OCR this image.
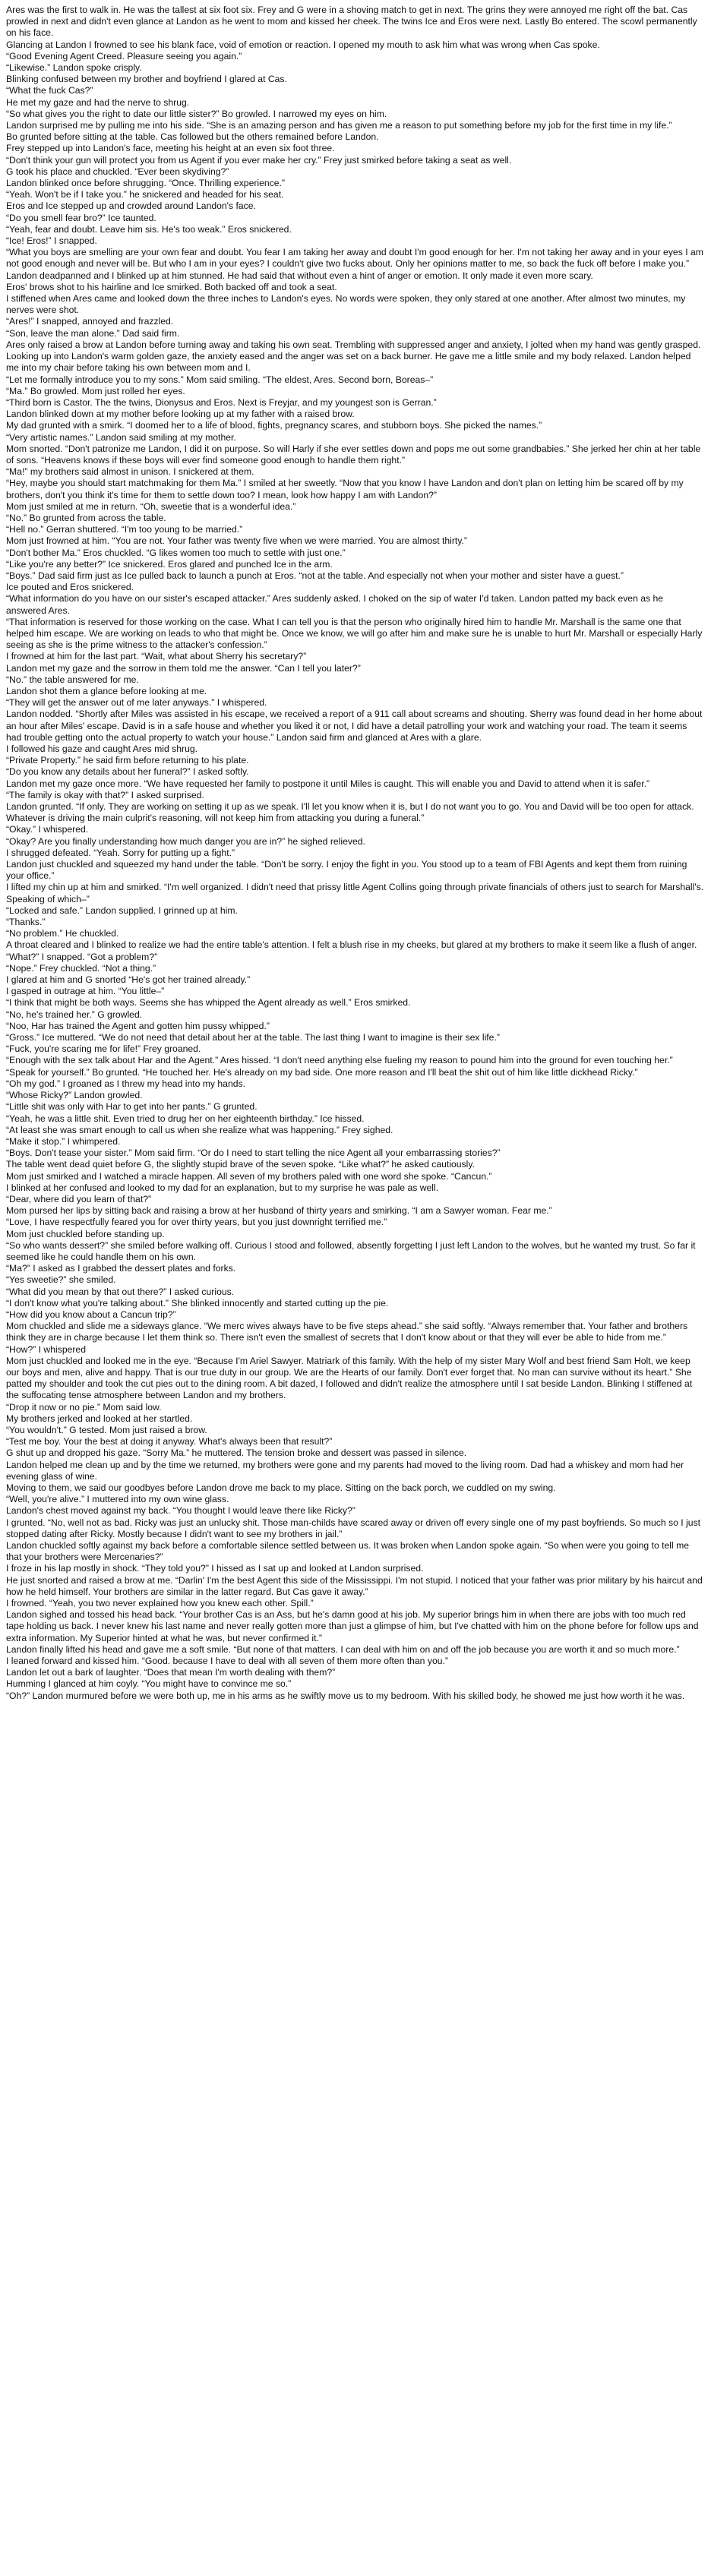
Ares was the first to walk in. He was the tallest at six foot six. Frey and G were in a shoving match to get in next. The grins they were annoyed me right off the bat. Cas prowled in next and didn't even glance at Landon as he went to mom and kissed her cheek. The twins Ice and Eros were next. Lastly Bo entered. The scowl permanently on his face.

Glancing at Landon I frowned to see his blank face, void of emotion or reaction. I opened my mouth to ask him what was wrong when Cas spoke.

“Good Evening Agent Creed. Pleasure seeing you again.”

“Likewise.” Landon spoke crisply.

Blinking confused between my brother and boyfriend I glared at Cas.

“What the fuck Cas?”

He met my gaze and had the nerve to shrug.

“So what gives you the right to date our little sister?” Bo growled. I narrowed my eyes on him.

Landon surprised me by pulling me into his side. “She is an amazing person and has given me a reason to put something before my job for the first time in my life.”

Bo grunted before sitting at the table. Cas followed but the others remained before Landon.

Frey stepped up into Landon's face, meeting his height at an even six foot three.

“Don't think your gun will protect you from us Agent if you ever make her cry.” Frey just smirked before taking a seat as well.

G took his place and chuckled. “Ever been skydiving?”

Landon blinked once before shrugging. “Once. Thrilling experience.”

“Yeah. Won't be if I take you.” he snickered and headed for his seat.

Eros and Ice stepped up and crowded around Landon's face.

“Do you smell fear bro?” Ice taunted.

“Yeah, fear and doubt. Leave him sis. He's too weak.” Eros snickered.

“Ice! Eros!” I snapped.

“What you boys are smelling are your own fear and doubt. You fear I am taking her away and doubt I'm good enough for her. I'm not taking her away and in your eyes I am not good enough and never will be. But who I am in your eyes? I couldn't give two fucks about. Only her opinions matter to me, so back the fuck off before I make you.” Landon deadpanned and I blinked up at him stunned. He had said that without even a hint of anger or emotion. It only made it even more scary.

Eros' brows shot to his hairline and Ice smirked. Both backed off and took a seat.

I stiffened when Ares came and looked down the three inches to Landon's eyes. No words were spoken, they only stared at one another. After almost two minutes, my nerves were shot.

“Ares!” I snapped, annoyed and frazzled.

“Son, leave the man alone.” Dad said firm.

Ares only raised a brow at Landon before turning away and taking his own seat. Trembling with suppressed anger and anxiety, I jolted when my hand was gently grasped. Looking up into Landon's warm golden gaze, the anxiety eased and the anger was set on a back burner. He gave me a little smile and my body relaxed. Landon helped me into my chair before taking his own between mom and I.

“Let me formally introduce you to my sons.” Mom said smiling. “The eldest, Ares. Second born, Boreas–”

“Ma.” Bo growled. Mom just rolled her eyes.

“Third born is Castor. The the twins, Dionysus and Eros. Next is Freyjar, and my youngest son is Gerran.”

Landon blinked down at my mother before looking up at my father with a raised brow.

My dad grunted with a smirk. “I doomed her to a life of blood, fights, pregnancy scares, and stubborn boys. She picked the names.”

“Very artistic names.” Landon said smiling at my mother.

Mom snorted. “Don't patronize me Landon, I did it on purpose. So will Harly if she ever settles down and pops me out some grandbabies.” She jerked her chin at her table of sons. “Heavens knows if these boys will ever find someone good enough to handle them right.”

“Ma!” my brothers said almost in unison. I snickered at them.

“Hey, maybe you should start matchmaking for them Ma.” I smiled at her sweetly. “Now that you know I have Landon and don't plan on letting him be scared off by my brothers, don't you think it's time for them to settle down too? I mean, look how happy I am with Landon?”

Mom just smiled at me in return. “Oh, sweetie that is a wonderful idea.”

“No.” Bo grunted from across the table.

“Hell no.” Gerran shuttered. “I'm too young to be married.”

Mom just frowned at him. “You are not. Your father was twenty five when we were married. You are almost thirty.”

“Don't bother Ma.” Eros chuckled. “G likes women too much to settle with just one.”

“Like you're any better?” Ice snickered. Eros glared and punched Ice in the arm.

“Boys.” Dad said firm just as Ice pulled back to launch a punch at Eros. “not at the table. And especially not when your mother and sister have a guest.”

Ice pouted and Eros snickered.

“What information do you have on our sister's escaped attacker.” Ares suddenly asked. I choked on the sip of water I'd taken. Landon patted my back even as he answered Ares.

“That information is reserved for those working on the case. What I can tell you is that the person who originally hired him to handle Mr. Marshall is the same one that helped him escape. We are working on leads to who that might be. Once we know, we will go after him and make sure he is unable to hurt Mr. Marshall or especially Harly seeing as she is the prime witness to the attacker's confession.”

I frowned at him for the last part. “Wait, what about Sherry his secretary?”

Landon met my gaze and the sorrow in them told me the answer. “Can I tell you later?”

“No.” the table answered for me.

Landon shot them a glance before looking at me.

“They will get the answer out of me later anyways.” I whispered.

Landon nodded. “Shortly after Miles was assisted in his escape, we received a report of a 911 call about screams and shouting. Sherry was found dead in her home about an hour after Miles' escape. David is in a safe house and whether you liked it or not, I did have a detail patrolling your work and watching your road. The team it seems had trouble getting onto the actual property to watch your house.” Landon said firm and glanced at Ares with a glare.

I followed his gaze and caught Ares mid shrug.

“Private Property.” he said firm before returning to his plate.

“Do you know any details about her funeral?” I asked softly.

Landon met my gaze once more. “We have requested her family to postpone it until Miles is caught. This will enable you and David to attend when it is safer.”

“The family is okay with that?” I asked surprised.

Landon grunted. “If only. They are working on setting it up as we speak. I'll let you know when it is, but I do not want you to go. You and David will be too open for attack. Whatever is driving the main culprit's reasoning, will not keep him from attacking you during a funeral.”

“Okay.” I whispered.

“Okay? Are you finally understanding how much danger you are in?” he sighed relieved.

I shrugged defeated. “Yeah. Sorry for putting up a fight.”

Landon just chuckled and squeezed my hand under the table. “Don't be sorry. I enjoy the fight in you. You stood up to a team of FBI Agents and kept them from ruining your office.”

I lifted my chin up at him and smirked. “I'm well organized. I didn't need that prissy little Agent Collins going through private financials of others just to search for Marshall's. Speaking of which–”

“Locked and safe.” Landon supplied. I grinned up at him.

“Thanks.”

“No problem.” He chuckled.

A throat cleared and I blinked to realize we had the entire table's attention. I felt a blush rise in my cheeks, but glared at my brothers to make it seem like a flush of anger.

“What?” I snapped. “Got a problem?”

“Nope.” Frey chuckled. “Not a thing.”

I glared at him and G snorted “He's got her trained already.”

I gasped in outrage at him. “You little–”

“I think that might be both ways. Seems she has whipped the Agent already as well.” Eros smirked.

“No, he's trained her.” G growled.

“Noo, Har has trained the Agent and gotten him pussy whipped.”

“Gross.” Ice muttered. “We do not need that detail about her at the table. The last thing I want to imagine is their sex life.”

“Fuck, you're scaring me for life!” Frey groaned.

“Enough with the sex talk about Har and the Agent.” Ares hissed. “I don't need anything else fueling my reason to pound him into the ground for even touching her.”

“Speak for yourself.” Bo grunted. “He touched her. He's already on my bad side. One more reason and I'll beat the shit out of him like little dickhead Ricky.”

“Oh my god.” I groaned as I threw my head into my hands.

“Whose Ricky?” Landon growled.

“Little shit was only with Har to get into her pants.” G grunted.

“Yeah, he was a little shit. Even tried to drug her on her eighteenth birthday.” Ice hissed.

“At least she was smart enough to call us when she realize what was happening.” Frey sighed.

“Make it stop.” I whimpered.

“Boys. Don't tease your sister.” Mom said firm. “Or do I need to start telling the nice Agent all your embarrassing stories?”

The table went dead quiet before G, the slightly stupid brave of the seven spoke. “Like what?” he asked cautiously.

Mom just smirked and I watched a miracle happen. All seven of my brothers paled with one word she spoke. “Cancun.”

I blinked at her confused and looked to my dad for an explanation, but to my surprise he was pale as well.

“Dear, where did you learn of that?”

Mom pursed her lips by sitting back and raising a brow at her husband of thirty years and smirking. “I am a Sawyer woman. Fear me.”

“Love, I have respectfully feared you for over thirty years, but you just downright terrified me.”

Mom just chuckled before standing up.

“So who wants dessert?” she smiled before walking off. Curious I stood and followed, absently forgetting I just left Landon to the wolves, but he wanted my trust. So far it seemed like he could handle them on his own.

“Ma?” I asked as I grabbed the dessert plates and forks.

“Yes sweetie?” she smiled.

“What did you mean by that out there?” I asked curious.

“I don't know what you're talking about.” She blinked innocently and started cutting up the pie.

“How did you know about a Cancun trip?”

Mom chuckled and slide me a sideways glance. “We merc wives always have to be five steps ahead.” she said softly. “Always remember that. Your father and brothers think they are in charge because I let them think so. There isn't even the smallest of secrets that I don't know about or that they will ever be able to hide from me.”

“How?” I whispered

Mom just chuckled and looked me in the eye. “Because I'm Ariel Sawyer. Matriark of this family. With the help of my sister Mary Wolf and best friend Sam Holt, we keep our boys and men, alive and happy. That is our true duty in our group. We are the Hearts of our family. Don't ever forget that. No man can survive without its heart.” She patted my shoulder and took the cut pies out to the dining room. A bit dazed, I followed and didn't realize the atmosphere until I sat beside Landon. Blinking I stiffened at the suffocating tense atmosphere between Landon and my brothers.

“Drop it now or no pie.” Mom said low.

My brothers jerked and looked at her startled.

“You wouldn't.” G tested. Mom just raised a brow.

“Test me boy. Your the best at doing it anyway. What's always been that result?”

G shut up and dropped his gaze. “Sorry Ma.” he muttered. The tension broke and dessert was passed in silence.

Landon helped me clean up and by the time we returned, my brothers were gone and my parents had moved to the living room. Dad had a whiskey and mom had her evening glass of wine.

Moving to them, we said our goodbyes before Landon drove me back to my place. Sitting on the back porch, we cuddled on my swing.

“Well, you're alive.” I muttered into my own wine glass.

Landon's chest moved against my back. “You thought I would leave there like Ricky?”

I grunted. “No, well not as bad. Ricky was just an unlucky shit. Those man-childs have scared away or driven off every single one of my past boyfriends. So much so I just stopped dating after Ricky. Mostly because I didn't want to see my brothers in jail.”

Landon chuckled softly against my back before a comfortable silence settled between us. It was broken when Landon spoke again. “So when were you going to tell me that your brothers were Mercenaries?”

I froze in his lap mostly in shock. “They told you?” I hissed as I sat up and looked at Landon surprised.

He just snorted and raised a brow at me. “Darlin' I'm the best Agent this side of the Mississippi. I'm not stupid. I noticed that your father was prior military by his haircut and how he held himself. Your brothers are similar in the latter regard. But Cas gave it away.”

I frowned. “Yeah, you two never explained how you knew each other. Spill.”

Landon sighed and tossed his head back. “Your brother Cas is an Ass, but he's damn good at his job. My superior brings him in when there are jobs with too much red tape holding us back. I never knew his last name and never really gotten more than just a glimpse of him, but I've chatted with him on the phone before for follow ups and extra information. My Superior hinted at what he was, but never confirmed it.”

Landon finally lifted his head and gave me a soft smile. “But none of that matters. I can deal with him on and off the job because you are worth it and so much more.”

I leaned forward and kissed him. “Good. because I have to deal with all seven of them more often than you.”

Landon let out a bark of laughter. “Does that mean I'm worth dealing with them?”

Humming I glanced at him coyly. “You might have to convince me so.”

“Oh?” Landon murmured before we were both up, me in his arms as he swiftly move us to my bedroom. With his skilled body, he showed me just how worth it he was.
